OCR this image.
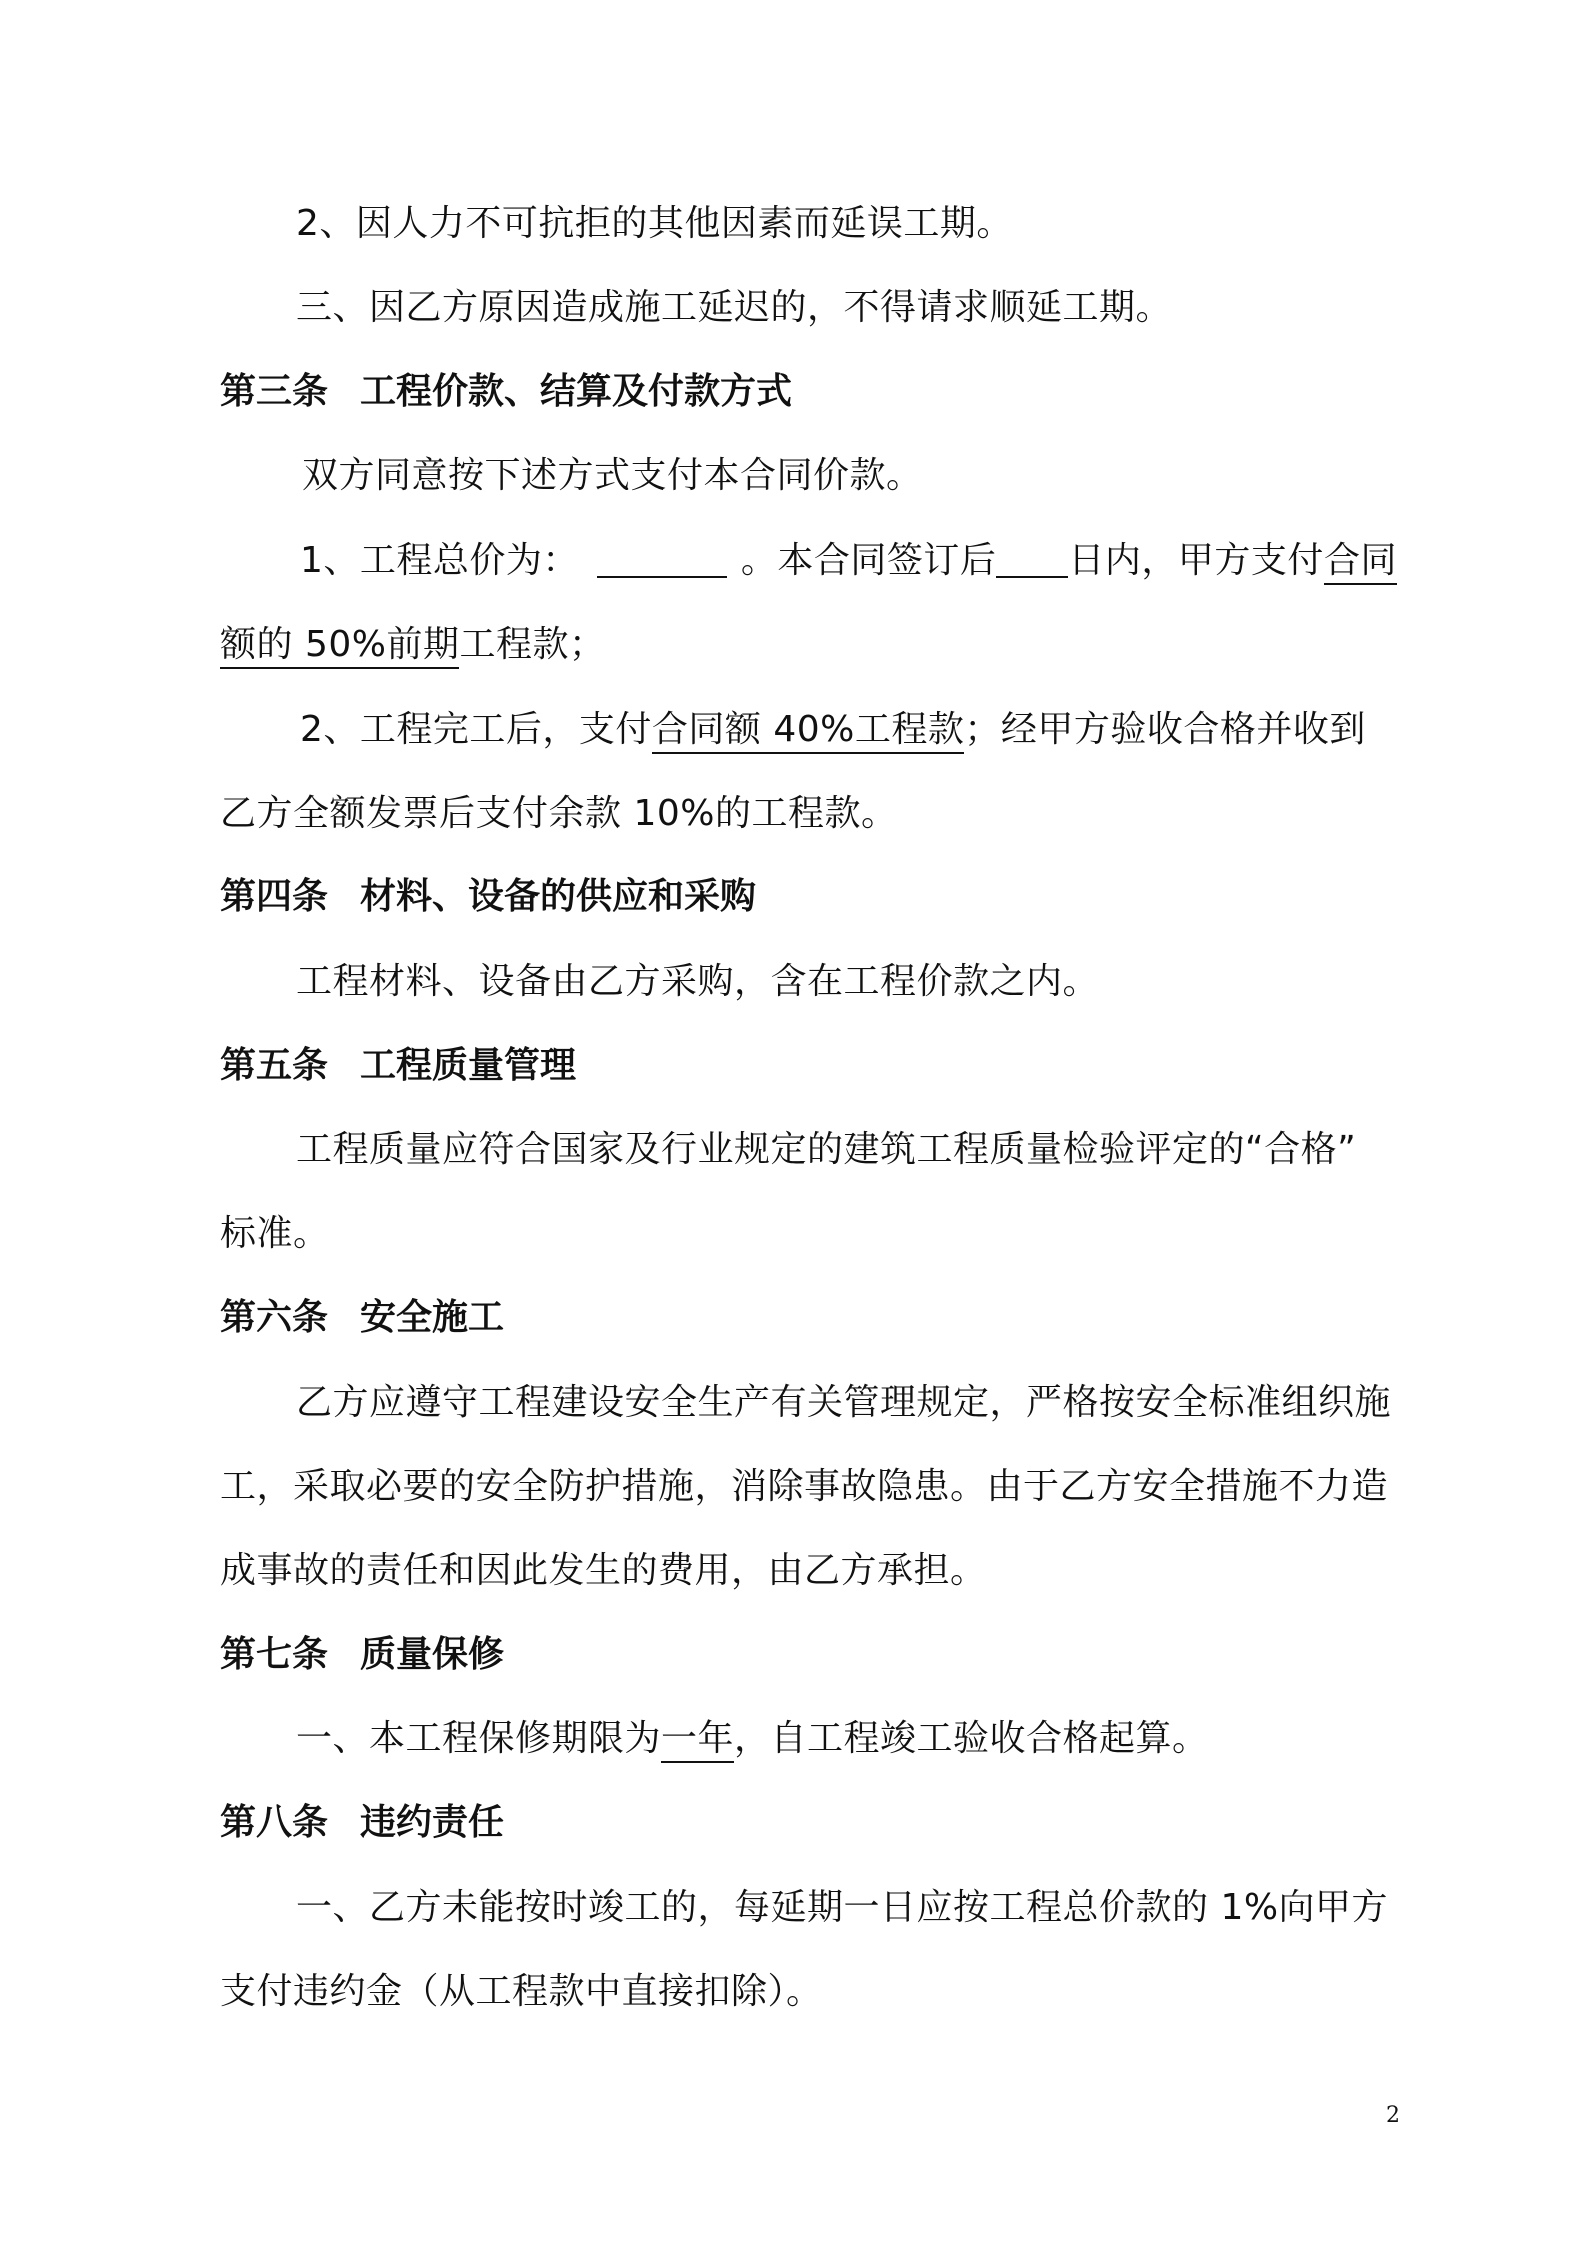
2、因人力不可抗拒的其他因素而延误工期。
三、因乙方原因造成施工延迟的，不得请求顺延工期。
第三条 工程价款、结算及付款方式
双方同意按下述方式支付本合同价款。
1、工程总价为：	。本合同签订后 日内，甲方支付合同
额的 50%前期工程款；
2、工程完工后，支付合同额 40%工程款；经甲方验收合格并收到
乙方全额发票后支付余款 10%的工程款。
第四条 材料、设备的供应和采购
工程材料、设备由乙方采购，含在工程价款之内。
第五条 工程质量管理
工程质量应符合国家及行业规定的建筑工程质量检验评定的“合格”
标准。
第六条 安全施工
乙方应遵守工程建设安全生产有关管理规定，严格按安全标准组织施
工，采取必要的安全防护措施，消除事故隐患。由于乙方安全措施不力造
成事故的责任和因此发生的费用，由乙方承担。
第七条 质量保修
一、本工程保修期限为一年，自工程竣工验收合格起算。
第八条 违约责任
一、乙方未能按时竣工的，每延期一日应按工程总价款的 1%向甲方
支付违约金（从工程款中直接扣除）。
2
